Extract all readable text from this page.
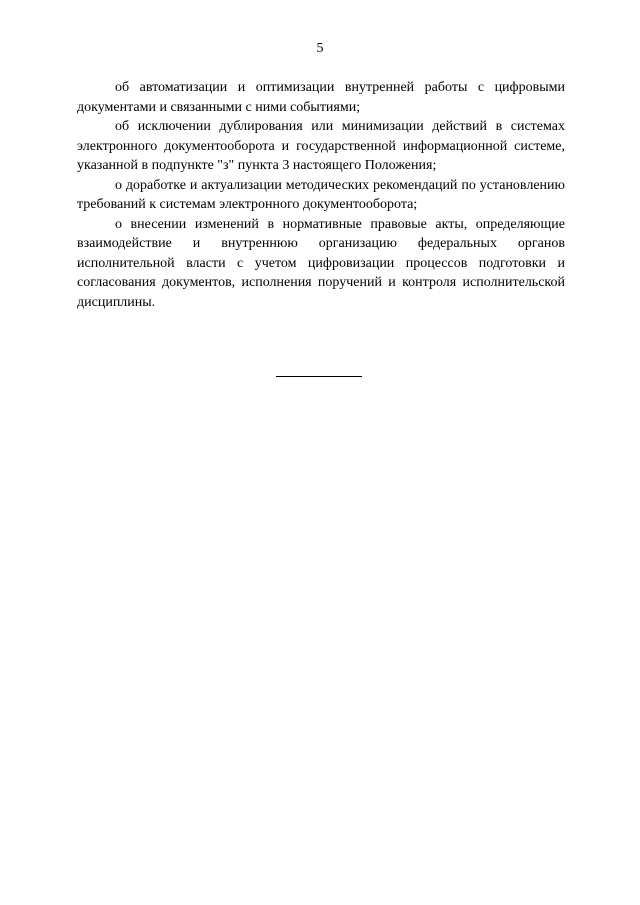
5

об автоматизации и оптимизации внутренней работы с цифровыми документами и связанными с ними событиями;

об исключении дублирования или минимизации действий в системах электронного документооборота и государственной информационной системе, указанной в подпункте "з" пункта 3 настоящего Положения;

о доработке и актуализации методических рекомендаций по установлению требований к системам электронного документооборота;

о внесении изменений в нормативные правовые акты, определяющие взаимодействие и внутреннюю организацию федеральных органов исполнительной власти с учетом цифровизации процессов подготовки и согласования документов, исполнения поручений и контроля исполнительской дисциплины.
